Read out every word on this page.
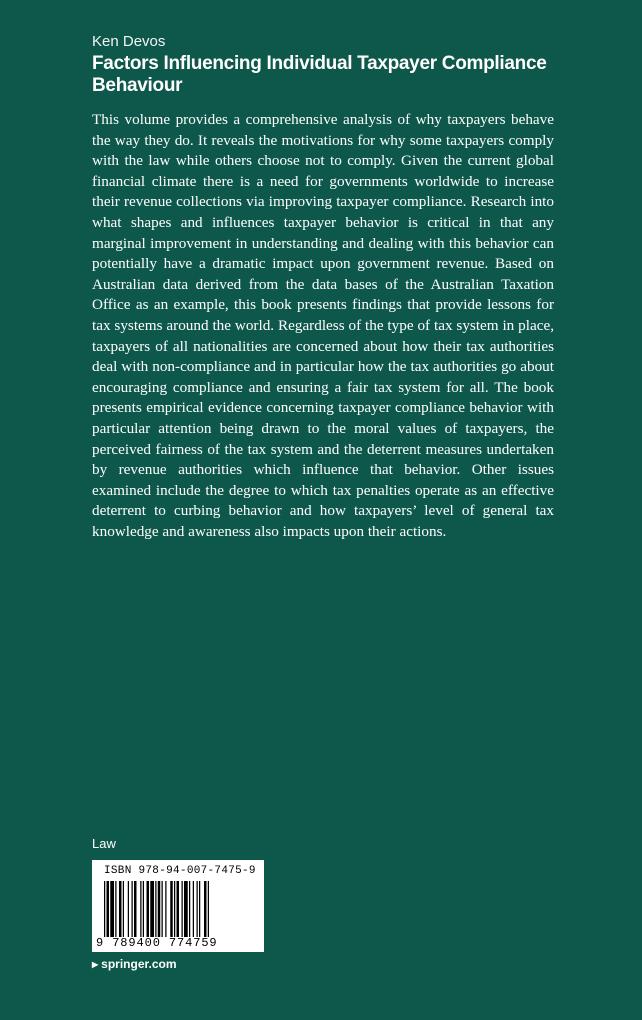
Ken Devos
Factors Influencing Individual Taxpayer Compliance Behaviour
This volume provides a comprehensive analysis of why taxpayers behave the way they do. It reveals the motivations for why some taxpayers comply with the law while others choose not to comply. Given the current global financial climate there is a need for governments worldwide to increase their revenue collections via improving taxpayer compliance. Research into what shapes and influences taxpayer behavior is critical in that any marginal improvement in understanding and dealing with this behavior can potentially have a dramatic impact upon government revenue. Based on Australian data derived from the data bases of the Australian Taxation Office as an example, this book presents findings that provide lessons for tax systems around the world. Regardless of the type of tax system in place, taxpayers of all nationalities are concerned about how their tax authorities deal with non-compliance and in particular how the tax authorities go about encouraging compliance and ensuring a fair tax system for all. The book presents empirical evidence concerning taxpayer compliance behavior with particular attention being drawn to the moral values of taxpayers, the perceived fairness of the tax system and the deterrent measures undertaken by revenue authorities which influence that behavior. Other issues examined include the degree to which tax penalties operate as an effective deterrent to curbing behavior and how taxpayers’ level of general tax knowledge and awareness also impacts upon their actions.
Law
ISBN 978-94-007-7475-9
9 789400 774759
▶ springer.com
